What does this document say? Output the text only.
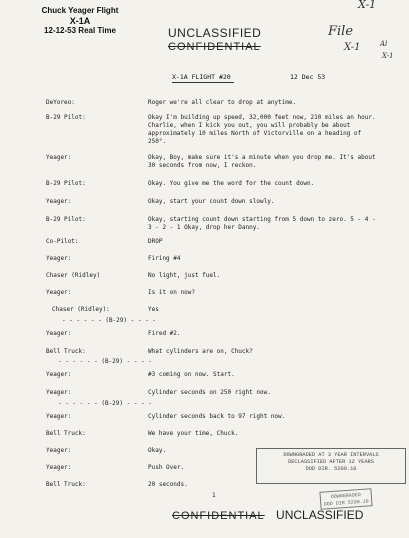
Chuck Yeager Flight
X-1A
12-12-53 Real Time	UNCLASSIFIED
CONFIDENTIAL
X-1
File
X-1	Al
X-1
X-1A FLIGHT #20	12 Dec 53
DeYoreo:	Roger we're all clear to drop at anytime.
B-29 Pilot:	Okay I'm building up speed, 32,000 feet now, 210 miles an hour. Charlie, when I kick you out, you will probably be about approximately 10 miles North of Victorville on a heading of 250°.
Yeager:	Okay, Boy, make sure it's a minute when you drop me. It's about 30 seconds from now, I reckon.
B-29 Pilot:	Okay. You give me the word for the count down.
Yeager:	Okay, start your count down slowly.
B-29 Pilot:	Okay, starting count down starting from 5 down to zero. 5 - 4 - 3 - 2 - 1 Okay, drop her Danny.
Co-Pilot:	DROP
Yeager:	Firing #4
Chaser (Ridley)	No light, just fuel.
Yeager:	Is it on now?
Chaser (Ridley):	Yes
- - - - - - (B-29) - - - -
Yeager:	Fired #2.
Bell Truck:	What cylinders are on, Chuck?
- - - - - - (B-29) - - - -
Yeager:	#3 coming on now. Start.
Yeager:	Cylinder seconds on 250 right now.
- - - - - - (B-29) - - - -
Yeager:	Cylinder seconds back to 97 right now.
Bell Truck:	We have your time, Chuck.
Yeager:	Okay.
Yeager:	Push Over.
Bell Truck:	20 seconds.
DOWNGRADED AT 3 YEAR INTERVALS
DECLASSIFIED AFTER 12 YEARS
DOD DIR. 5200.10
DOWNGRADED
DOD DIR 5200.10
1
CONFIDENTIAL UNCLASSIFIED
